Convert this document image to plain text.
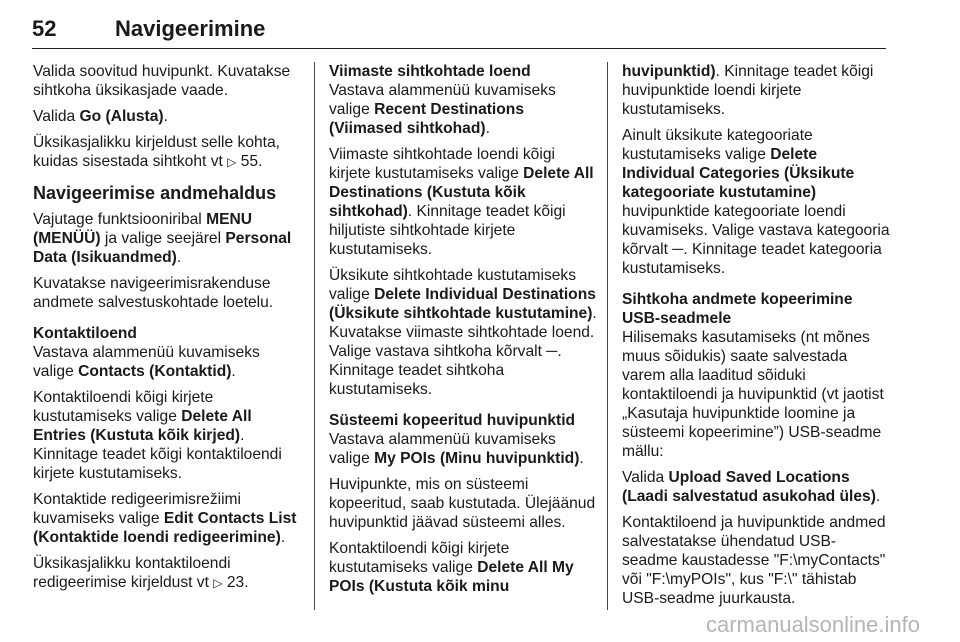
52	Navigeerimine

Valida soovitud huvipunkt. Kuvatakse sihtkoha üksikasjade vaade.

Valida Go (Alusta).

Üksikasjalikku kirjeldust selle kohta, kuidas sisestada sihtkoht vt ▷ 55.

Navigeerimise andmehaldus

Vajutage funktsiooniribal MENU (MENÜÜ) ja valige seejärel Personal Data (Isikuandmed).

Kuvatakse navigeerimisrakenduse andmete salvestuskohtade loetelu.

Kontaktiloend

Vastava alammenüü kuvamiseks valige Contacts (Kontaktid).

Kontaktiloendi kõigi kirjete kustutamiseks valige Delete All Entries (Kustuta kõik kirjed). Kinnitage teadet kõigi kontaktiloendi kirjete kustutamiseks.

Kontaktide redigeerimisrežiimi kuvamiseks valige Edit Contacts List (Kontaktide loendi redigeerimine).

Üksikasjalikku kontaktiloendi redigeerimise kirjeldust vt ▷ 23.

Viimaste sihtkohtade loend

Vastava alammenüü kuvamiseks valige Recent Destinations (Viimased sihtkohad).

Viimaste sihtkohtade loendi kõigi kirjete kustutamiseks valige Delete All Destinations (Kustuta kõik sihtkohad). Kinnitage teadet kõigi hiljutiste sihtkohtade kirjete kustutamiseks.

Üksikute sihtkohtade kustutamiseks valige Delete Individual Destinations (Üksikute sihtkohtade kustutamine). Kuvatakse viimaste sihtkohtade loend. Valige vastava sihtkoha kõrvalt ─. Kinnitage teadet sihtkoha kustutamiseks.

Süsteemi kopeeritud huvipunktid

Vastava alammenüü kuvamiseks valige My POIs (Minu huvipunktid).

Huvipunkte, mis on süsteemi kopeeritud, saab kustutada. Ülejäänud huvipunktid jäävad süsteemi alles.

Kontaktiloendi kõigi kirjete kustutamiseks valige Delete All My POIs (Kustuta kõik minu

huvipunktid). Kinnitage teadet kõigi huvipunktide loendi kirjete kustutamiseks.

Ainult üksikute kategooriate kustutamiseks valige Delete Individual Categories (Üksikute kategooriate kustutamine) huvipunktide kategooriate loendi kuvamiseks. Valige vastava kategooria kõrvalt ─. Kinnitage teadet kategooria kustutamiseks.

Sihtkoha andmete kopeerimine USB-seadmele

Hilisemaks kasutamiseks (nt mõnes muus sõidukis) saate salvestada varem alla laaditud sõiduki kontaktiloendi ja huvipunktid (vt jaotist „Kasutaja huvipunktide loomine ja süsteemi kopeerimine”) USB-seadme mällu:

Valida Upload Saved Locations (Laadi salvestatud asukohad üles).

Kontaktiloend ja huvipunktide andmed salvestatakse ühendatud USB-seadme kaustadesse "F:\myContacts" või "F:\myPOIs", kus "F:\" tähistab USB-seadme juurkausta.

carmanualsonline.info
